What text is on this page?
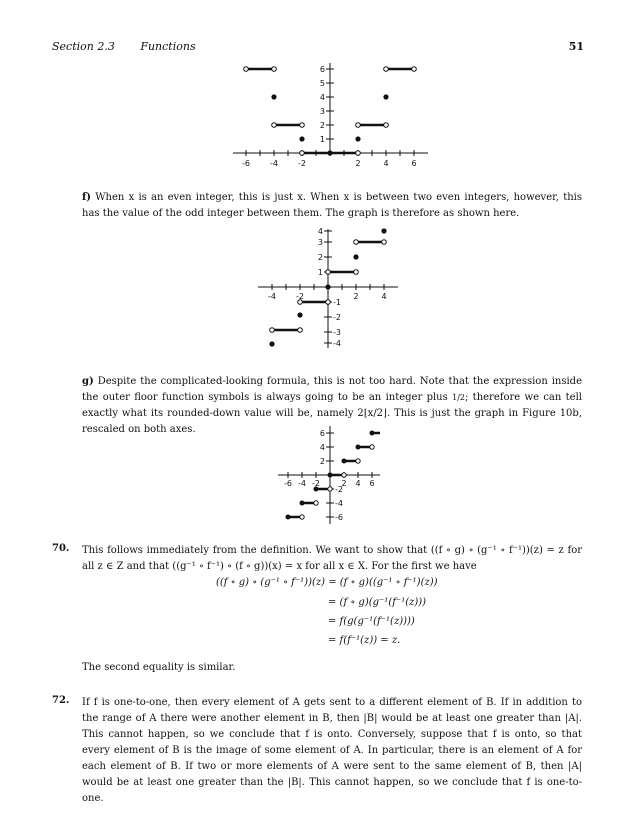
Section 2.3 Functions	51
-6	-4	-2	2	4	6
1
2
3
4
5
6
f) When x is an even integer, this is just x. When x is between two even integers, however, this has the value of the odd integer between them. The graph is therefore as shown here.
-4	-2	2	4
1
2
3
4
-1
-2
-3
-4
g) Despite the complicated-looking formula, this is not too hard. Note that the expression inside the outer floor function symbols is always going to be an integer plus 1/2; therefore we can tell exactly what its rounded-down value will be, namely 2⌊x/2⌋. This is just the graph in Figure 10b, rescaled on both axes.
-6 -4 -2	2 4 6
2
4
6
-2
-4
-6
70. This follows immediately from the definition. We want to show that ((f ∘ g) ∘ (g⁻¹ ∘ f⁻¹))(z) = z for all z ∈ Z and that ((g⁻¹ ∘ f⁻¹) ∘ (f ∘ g))(x) = x for all x ∈ X. For the first we have
((f ∘ g) ∘ (g⁻¹ ∘ f⁻¹))(z) = (f ∘ g)((g⁻¹ ∘ f⁻¹)(z))
= (f ∘ g)(g⁻¹(f⁻¹(z)))
= f(g(g⁻¹(f⁻¹(z))))
= f(f⁻¹(z)) = z.
The second equality is similar.
72. If f is one-to-one, then every element of A gets sent to a different element of B. If in addition to the range of A there were another element in B, then |B| would be at least one greater than |A|. This cannot happen, so we conclude that f is onto. Conversely, suppose that f is onto, so that every element of B is the image of some element of A. In particular, there is an element of A for each element of B. If two or more elements of A were sent to the same element of B, then |A| would be at least one greater than the |B|. This cannot happen, so we conclude that f is one-to-one.
